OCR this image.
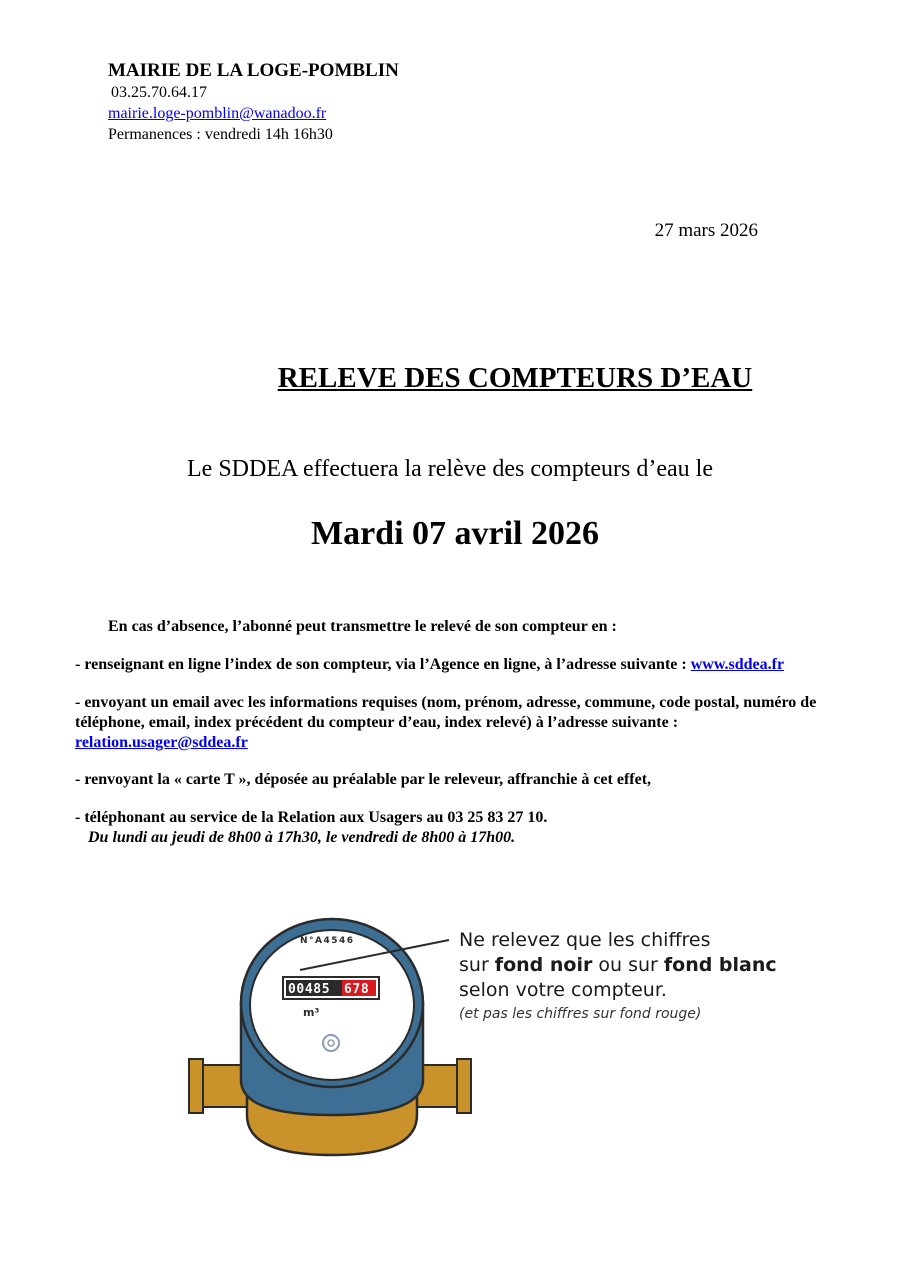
MAIRIE DE LA LOGE-POMBLIN
03.25.70.64.17
mairie.loge-pomblin@wanadoo.fr
Permanences : vendredi 14h 16h30
27 mars 2026
RELEVE DES COMPTEURS D’EAU
Le SDDEA effectuera la relève des compteurs d’eau le
Mardi 07 avril 2026
En cas d’absence, l’abonné peut transmettre le relevé de son compteur en :
- renseignant en ligne l’index de son compteur, via l’Agence en ligne, à l’adresse suivante : www.sddea.fr
- envoyant un email avec les informations requises (nom, prénom, adresse, commune, code postal, numéro de téléphone, email, index précédent du compteur d’eau, index relevé) à l’adresse suivante : relation.usager@sddea.fr
- renvoyant la « carte T », déposée au préalable par le releveur, affranchie à cet effet,
- téléphonant au service de la Relation aux Usagers au 03 25 83 27 10.
Du lundi au jeudi de 8h00 à 17h30, le vendredi de 8h00 à 17h00.
N°A4546
00485 678
m³
Ne relevez que les chiffres
sur fond noir ou sur fond blanc
selon votre compteur.
(et pas les chiffres sur fond rouge)
